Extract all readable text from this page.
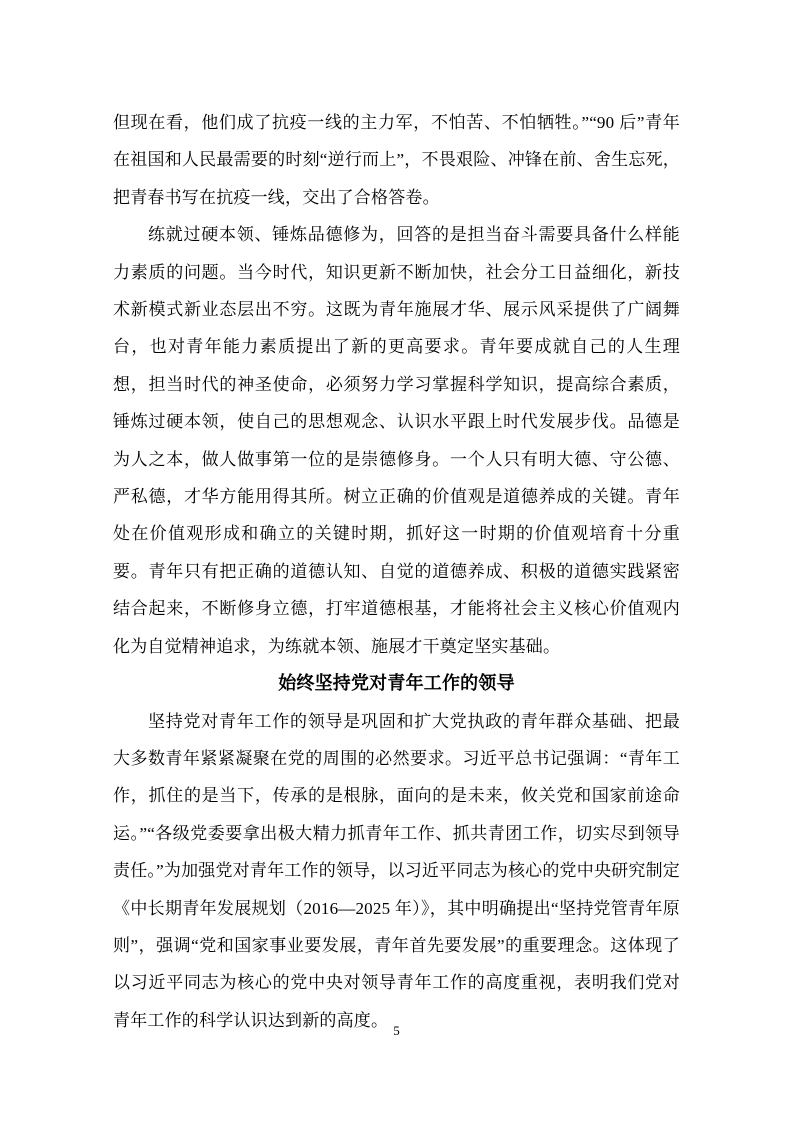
但现在看，他们成了抗疫一线的主力军，不怕苦、不怕牺牲。”“90 后”青年在祖国和人民最需要的时刻“逆行而上”，不畏艰险、冲锋在前、舍生忘死，把青春书写在抗疫一线，交出了合格答卷。

练就过硬本领、锤炼品德修为，回答的是担当奋斗需要具备什么样能力素质的问题。当今时代，知识更新不断加快，社会分工日益细化，新技术新模式新业态层出不穷。这既为青年施展才华、展示风采提供了广阔舞台，也对青年能力素质提出了新的更高要求。青年要成就自己的人生理想，担当时代的神圣使命，必须努力学习掌握科学知识，提高综合素质，锤炼过硬本领，使自己的思想观念、认识水平跟上时代发展步伐。品德是为人之本，做人做事第一位的是崇德修身。一个人只有明大德、守公德、严私德，才华方能用得其所。树立正确的价值观是道德养成的关键。青年处在价值观形成和确立的关键时期，抓好这一时期的价值观培育十分重要。青年只有把正确的道德认知、自觉的道德养成、积极的道德实践紧密结合起来，不断修身立德，打牢道德根基，才能将社会主义核心价值观内化为自觉精神追求，为练就本领、施展才干奠定坚实基础。

始终坚持党对青年工作的领导

坚持党对青年工作的领导是巩固和扩大党执政的青年群众基础、把最大多数青年紧紧凝聚在党的周围的必然要求。习近平总书记强调：“青年工作，抓住的是当下，传承的是根脉，面向的是未来，攸关党和国家前途命运。”“各级党委要拿出极大精力抓青年工作、抓共青团工作，切实尽到领导责任。”为加强党对青年工作的领导，以习近平同志为核心的党中央研究制定《中长期青年发展规划（2016—2025 年）》，其中明确提出“坚持党管青年原则”，强调“党和国家事业要发展，青年首先要发展”的重要理念。这体现了以习近平同志为核心的党中央对领导青年工作的高度重视，表明我们党对青年工作的科学认识达到新的高度。

5
